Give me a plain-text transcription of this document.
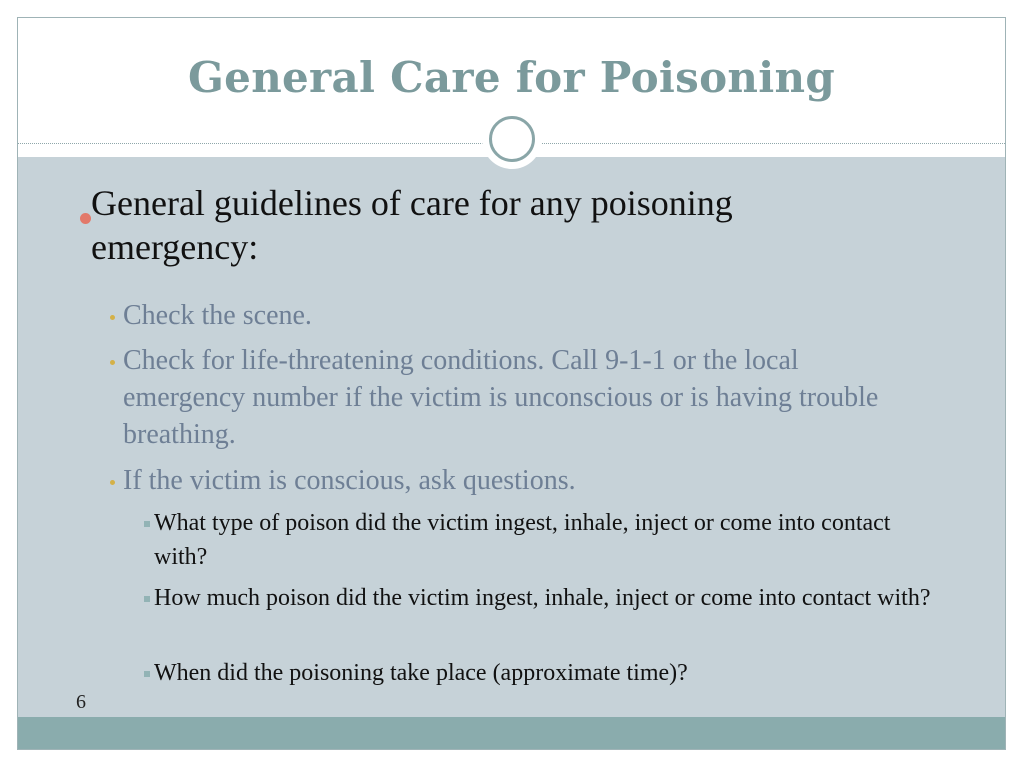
General Care for Poisoning
General guidelines of care for any poisoning emergency:
Check the scene.
Check for life-threatening conditions. Call 9-1-1 or the local emergency number if the victim is unconscious or is having trouble breathing.
If the victim is conscious, ask questions.
What type of poison did the victim ingest, inhale, inject or come into contact with?
How much poison did the victim ingest, inhale, inject or come into contact with?
When did the poisoning take place (approximate time)?
6
